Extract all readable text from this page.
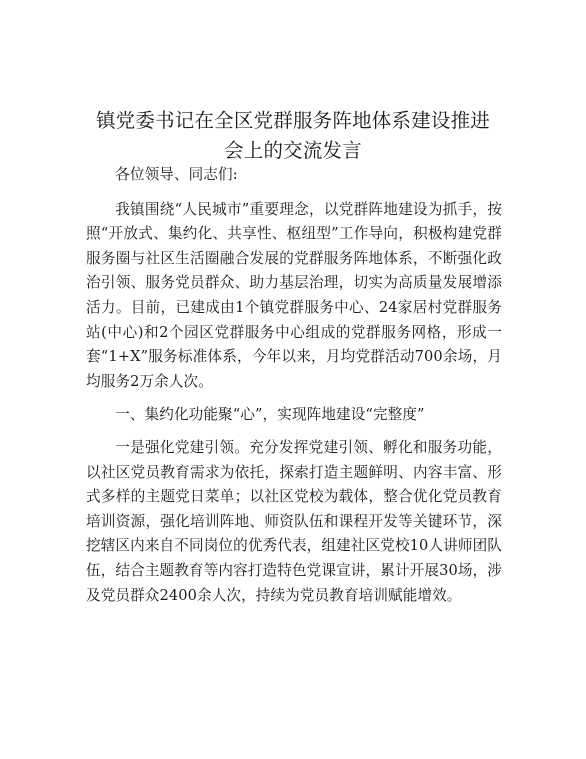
镇党委书记在全区党群服务阵地体系建设推进
会上的交流发言

各位领导、同志们:

我镇围绕“人民城市”重要理念，以党群阵地建设为抓手，按照“开放式、集约化、共享性、枢纽型”工作导向，积极构建党群服务圈与社区生活圈融合发展的党群服务阵地体系，不断强化政治引领、服务党员群众、助力基层治理，切实为高质量发展增添活力。目前，已建成由1个镇党群服务中心、24家居村党群服务站(中心)和2个园区党群服务中心组成的党群服务网格，形成一套“1+X”服务标准体系，今年以来，月均党群活动700余场，月均服务2万余人次。

一、集约化功能聚“心”，实现阵地建设“完整度”

一是强化党建引领。充分发挥党建引领、孵化和服务功能，以社区党员教育需求为依托，探索打造主题鲜明、内容丰富、形式多样的主题党日菜单；以社区党校为载体，整合优化党员教育培训资源，强化培训阵地、师资队伍和课程开发等关键环节，深挖辖区内来自不同岗位的优秀代表，组建社区党校10人讲师团队伍，结合主题教育等内容打造特色党课宣讲，累计开展30场，涉及党员群众2400余人次，持续为党员教育培训赋能增效。
